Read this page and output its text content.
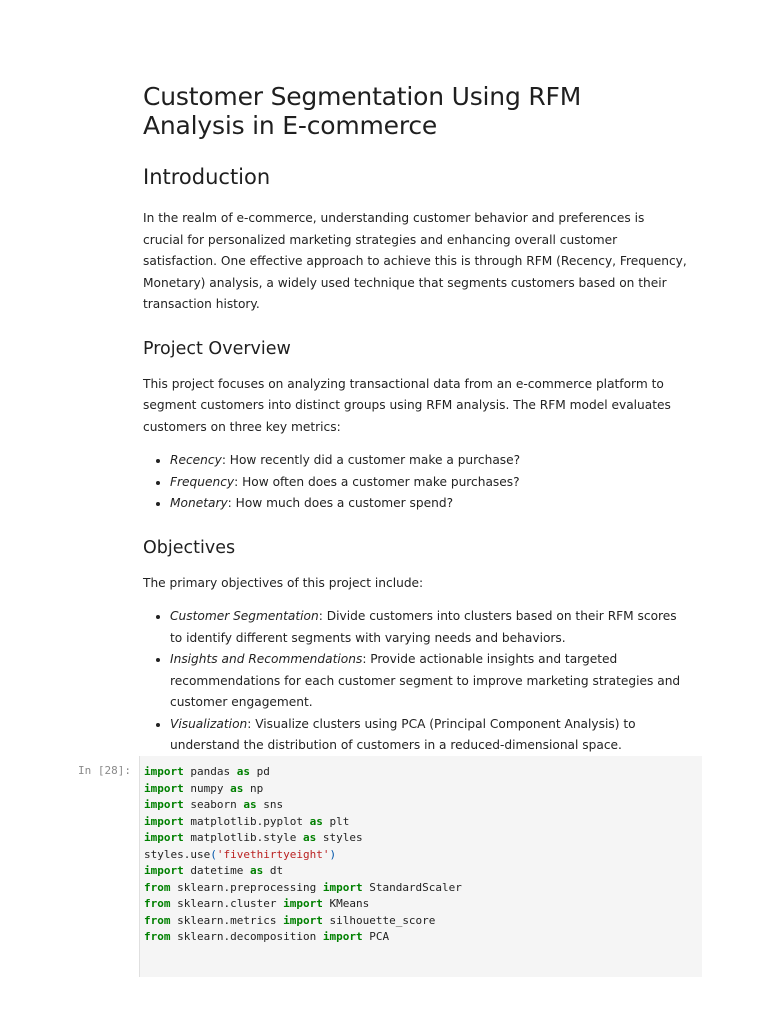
Customer Segmentation Using RFM Analysis in E-commerce
Introduction

In the realm of e-commerce, understanding customer behavior and preferences is crucial for personalized marketing strategies and enhancing overall customer satisfaction. One effective approach to achieve this is through RFM (Recency, Frequency, Monetary) analysis, a widely used technique that segments customers based on their transaction history.

Project Overview

This project focuses on analyzing transactional data from an e-commerce platform to segment customers into distinct groups using RFM analysis. The RFM model evaluates customers on three key metrics:

• Recency: How recently did a customer make a purchase?
• Frequency: How often does a customer make purchases?
• Monetary: How much does a customer spend?
Objectives

The primary objectives of this project include:

• Customer Segmentation: Divide customers into clusters based on their RFM scores to identify different segments with varying needs and behaviors.
• Insights and Recommendations: Provide actionable insights and targeted recommendations for each customer segment to improve marketing strategies and customer engagement.
• Visualization: Visualize clusters using PCA (Principal Component Analysis) to understand the distribution of customers in a reduced-dimensional space.
In [28]:	import pandas as pd
import numpy as np
import seaborn as sns
import matplotlib.pyplot as plt
import matplotlib.style as styles
styles.use('fivethirtyeight')
import datetime as dt
from sklearn.preprocessing import StandardScaler
from sklearn.cluster import KMeans
from sklearn.metrics import silhouette_score
from sklearn.decomposition import PCA
